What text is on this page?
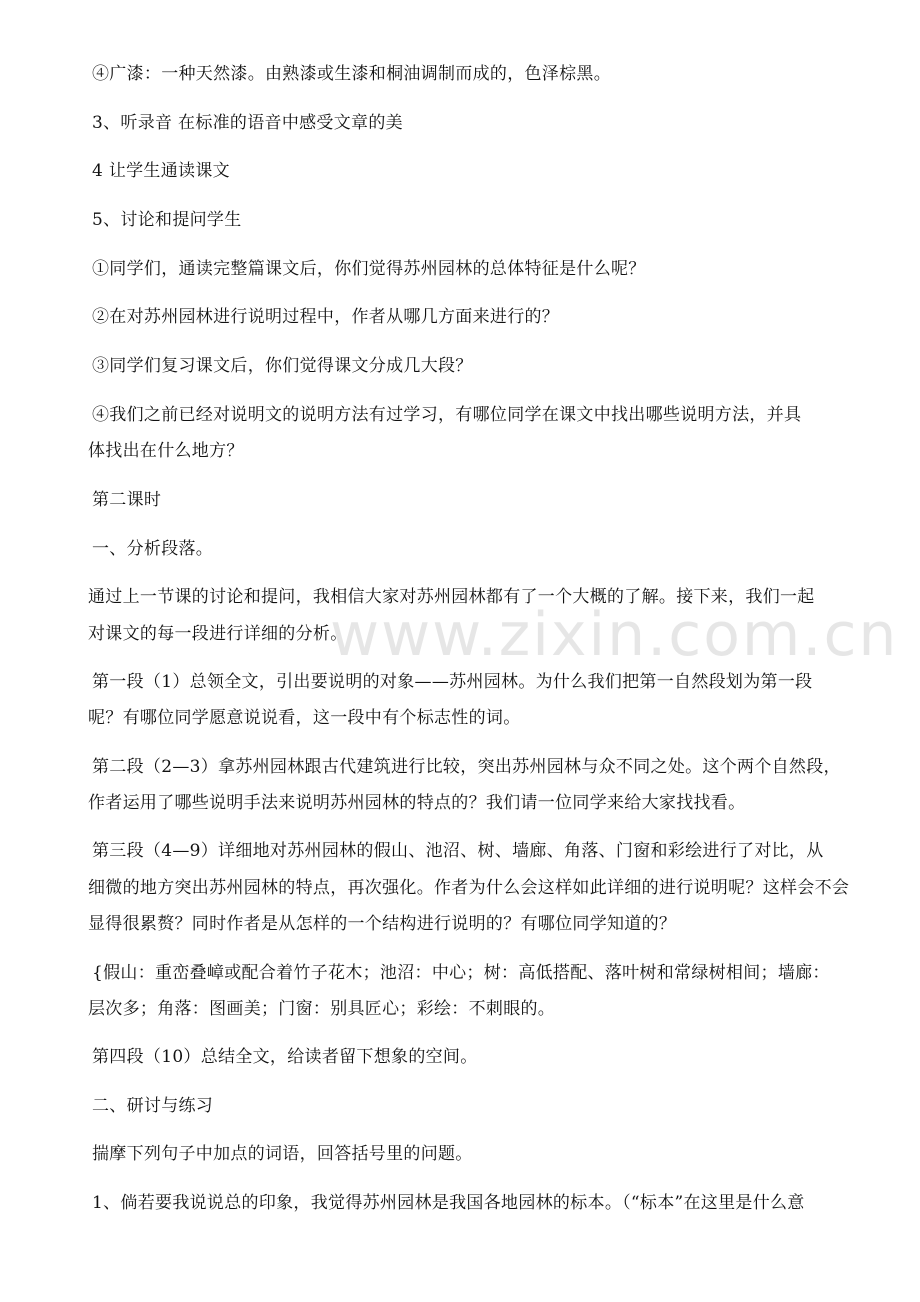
www.zixin.com.cn
④广漆：一种天然漆。由熟漆或生漆和桐油调制而成的，色泽棕黑。
3、听录音 在标准的语音中感受文章的美
4 让学生通读课文
5、讨论和提问学生
①同学们，通读完整篇课文后，你们觉得苏州园林的总体特征是什么呢？
②在对苏州园林进行说明过程中，作者从哪几方面来进行的？
③同学们复习课文后，你们觉得课文分成几大段？
④我们之前已经对说明文的说明方法有过学习，有哪位同学在课文中找出哪些说明方法，并具
体找出在什么地方？
第二课时
一、分析段落。
通过上一节课的讨论和提问，我相信大家对苏州园林都有了一个大概的了解。接下来，我们一起
对课文的每一段进行详细的分析。
第一段（1）总领全文，引出要说明的对象——苏州园林。为什么我们把第一自然段划为第一段
呢？有哪位同学愿意说说看，这一段中有个标志性的词。
第二段（2—3）拿苏州园林跟古代建筑进行比较，突出苏州园林与众不同之处。这个两个自然段，
作者运用了哪些说明手法来说明苏州园林的特点的？我们请一位同学来给大家找找看。
第三段（4—9）详细地对苏州园林的假山、池沼、树、墙廊、角落、门窗和彩绘进行了对比，从
细微的地方突出苏州园林的特点，再次强化。作者为什么会这样如此详细的进行说明呢？这样会不会
显得很累赘？同时作者是从怎样的一个结构进行说明的？有哪位同学知道的？
{假山：重峦叠嶂或配合着竹子花木；池沼：中心；树：高低搭配、落叶树和常绿树相间；墙廊：
层次多；角落：图画美；门窗：别具匠心；彩绘：不刺眼的。
第四段（10）总结全文，给读者留下想象的空间。
二、研讨与练习
揣摩下列句子中加点的词语，回答括号里的问题。
1、倘若要我说说总的印象，我觉得苏州园林是我国各地园林的标本。（“标本”在这里是什么意
